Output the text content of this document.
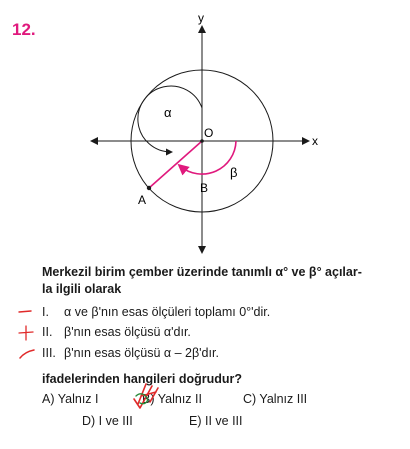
12.
y
x
O
α
β
A
B

Merkezil birim çember üzerinde tanımlı α° ve β° açılar-

la ilgili olarak

I. α ve β'nın esas ölçüleri toplamı 0°'dir.
II. β'nın esas ölçüsü α'dır.
III. β'nın esas ölçüsü α – 2β'dır.
ifadelerinden hangileri doğrudur?
A) Yalnız I	B) Yalnız II	C) Yalnız III
D) I ve III	E) II ve III
